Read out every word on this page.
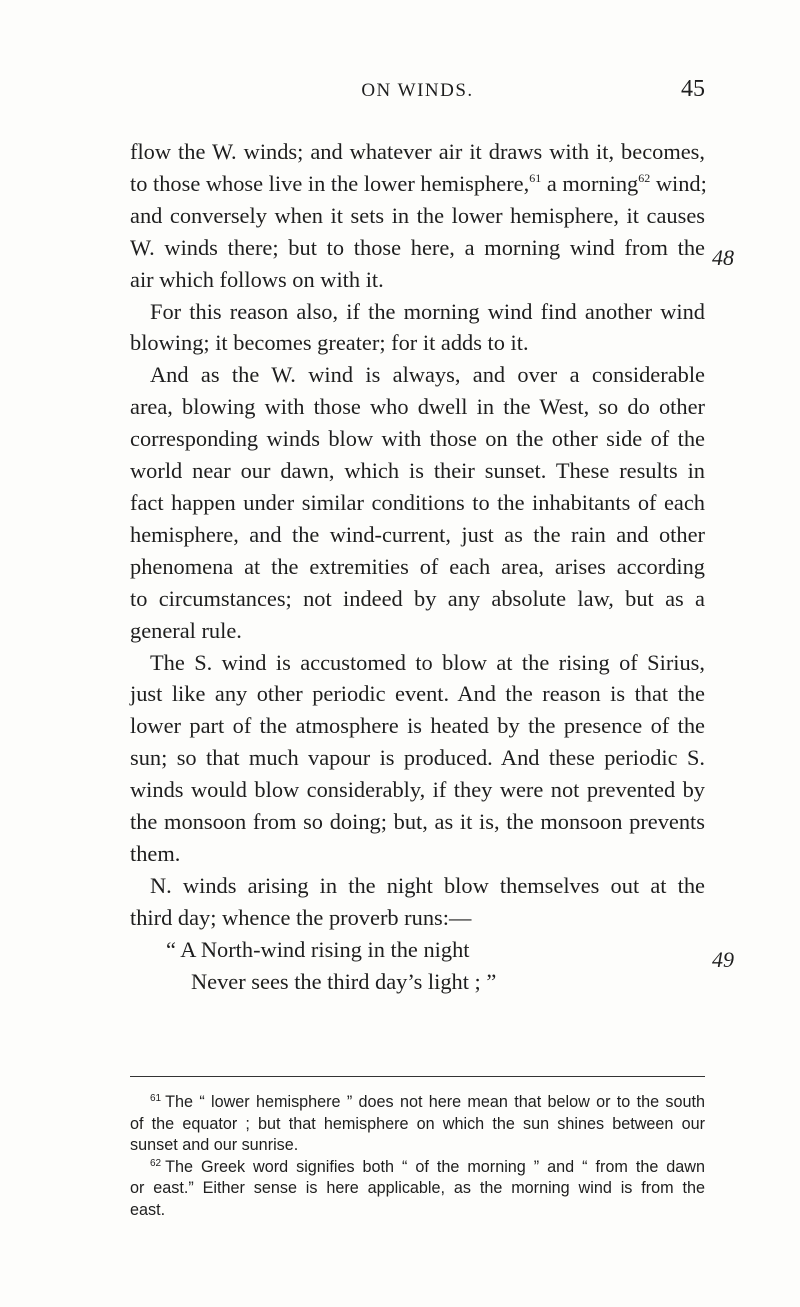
ON WINDS.	45
flow the W. winds; and whatever air it draws with it, becomes,
to those whose live in the lower hemisphere,$^{61}$ a morning$^{62}$ wind;
and conversely when it sets in the lower hemisphere, it causes
W. winds there; but to those here, a morning wind from the
air which follows on with it.
For this reason also, if the morning wind find another wind
blowing; it becomes greater; for it adds to it.
And as the W. wind is always, and over a considerable
area, blowing with those who dwell in the West, so do other
corresponding winds blow with those on the other side of the
world near our dawn, which is their sunset. These results in
fact happen under similar conditions to the inhabitants of each
hemisphere, and the wind-current, just as the rain and other
phenomena at the extremities of each area, arises according
to circumstances; not indeed by any absolute law, but as a
general rule.
The S. wind is accustomed to blow at the rising of Sirius,
just like any other periodic event. And the reason is that the
lower part of the atmosphere is heated by the presence of the
sun; so that much vapour is produced. And these periodic S.
winds would blow considerably, if they were not prevented by
the monsoon from so doing; but, as it is, the monsoon prevents
them.
N. winds arising in the night blow themselves out at the
third day; whence the proverb runs:—
“ A North-wind rising in the night
Never sees the third day’s light ; ”
48
49
$^{61}$ The “ lower hemisphere ” does not here mean that below or to the south
of the equator ; but that hemisphere on which the sun shines between our
sunset and our sunrise.
$^{62}$ The Greek word signifies both “ of the morning ” and “ from the dawn
or east.” Either sense is here applicable, as the morning wind is from the
east.
